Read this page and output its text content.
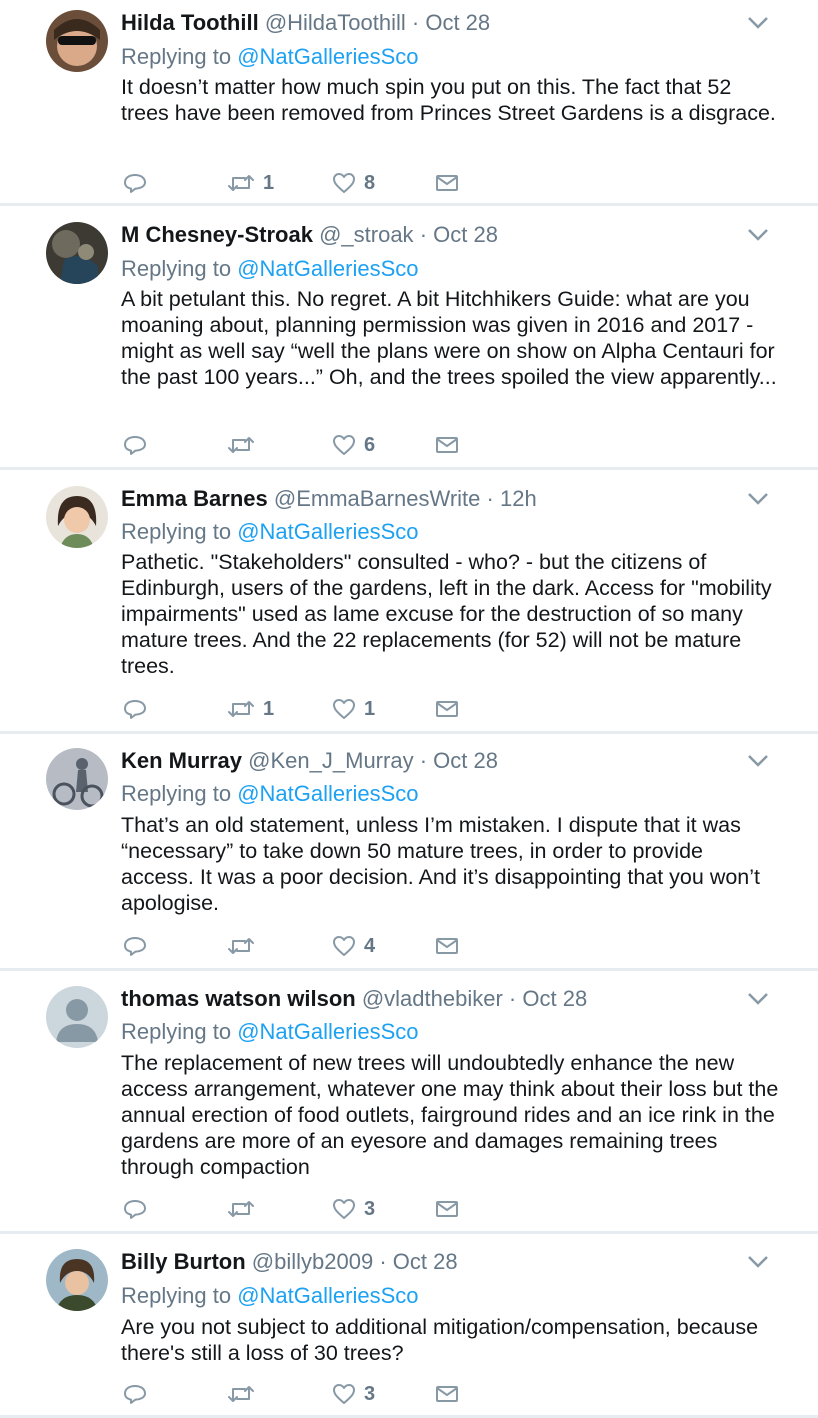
Hilda Toothill @HildaToothill · Oct 28
Replying to @NatGalleriesSco
It doesn’t matter how much spin you put on this. The fact that 52 trees have been removed from Princes Street Gardens is a disgrace.
1	8
M Chesney-Stroak @_stroak · Oct 28
Replying to @NatGalleriesSco
A bit petulant this. No regret. A bit Hitchhikers Guide: what are you moaning about, planning permission was given in 2016 and 2017 - might as well say “well the plans were on show on Alpha Centauri for the past 100 years...” Oh, and the trees spoiled the view apparently...
6
Emma Barnes @EmmaBarnesWrite · 12h
Replying to @NatGalleriesSco
Pathetic. "Stakeholders" consulted - who? - but the citizens of Edinburgh, users of the gardens, left in the dark. Access for "mobility impairments" used as lame excuse for the destruction of so many mature trees. And the 22 replacements (for 52) will not be mature trees.
1	1
Ken Murray @Ken_J_Murray · Oct 28
Replying to @NatGalleriesSco
That’s an old statement, unless I’m mistaken. I dispute that it was “necessary” to take down 50 mature trees, in order to provide access. It was a poor decision. And it’s disappointing that you won’t apologise.
4
thomas watson wilson @vladthebiker · Oct 28
Replying to @NatGalleriesSco
The replacement of new trees will undoubtedly enhance the new access arrangement, whatever one may think about their loss but the annual erection of food outlets, fairground rides and an ice rink in the gardens are more of an eyesore and damages remaining trees through compaction
3
Billy Burton @billyb2009 · Oct 28
Replying to @NatGalleriesSco
Are you not subject to additional mitigation/compensation, because there's still a loss of 30 trees?
3
